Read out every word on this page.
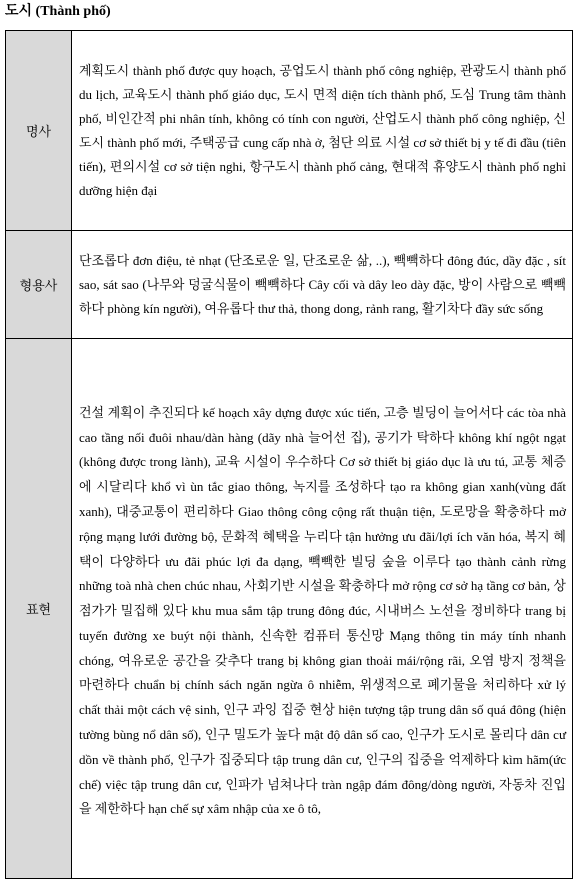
도시 (Thành phố)
명사	계획도시 thành phố được quy hoạch, 공업도시 thành phố công nghiệp, 관광도시 thành phố du lịch, 교육도시 thành phố giáo dục, 도시 면적 diện tích thành phố, 도심 Trung tâm thành phố, 비인간적 phi nhân tính, không có tính con người, 산업도시 thành phố công nghiệp, 신도시 thành phố mới, 주택공급 cung cấp nhà ở, 첨단 의료 시설 cơ sở thiết bị y tế đi đầu (tiên tiến), 편의시설 cơ sở tiện nghi, 항구도시 thành phố cảng, 현대적 휴양도시 thành phố nghỉ dưỡng hiện đại
형용사	단조롭다 đơn điệu, tẻ nhạt (단조로운 일, 단조로운 삶, ..), 빽빽하다 đông đúc, dầy đặc , sít sao, sát sao (나무와 덩굴식물이 빽빽하다 Cây cối và dây leo dày đặc, 방이 사람으로 빽빽하다 phòng kín người), 여유롭다 thư thả, thong dong, rảnh rang, 활기차다 đầy sức sống
표현	건설 계획이 추진되다 kế hoạch xây dựng được xúc tiến, 고층 빌딩이 늘어서다 các tòa nhà cao tầng nối đuôi nhau/dàn hàng (dãy nhà 늘어선 집), 공기가 탁하다 không khí ngột ngạt (không được trong lành), 교육 시설이 우수하다 Cơ sở thiết bị giáo dục là ưu tú, 교통 체증에 시달리다 khổ vì ùn tắc giao thông, 녹지를 조성하다 tạo ra không gian xanh(vùng đất xanh), 대중교통이 편리하다 Giao thông công cộng rất thuận tiện, 도로망을 확충하다 mở rộng mạng lưới đường bộ, 문화적 혜택을 누리다 tận hưởng ưu đãi/lợi ích văn hóa, 복지 혜택이 다양하다 ưu đãi phúc lợi đa dạng, 빽빽한 빌딩 숲을 이루다 tạo thành cảnh rừng những toà nhà chen chúc nhau, 사회기반 시설을 확충하다 mở rộng cơ sở hạ tầng cơ bản, 상점가가 밀집해 있다 khu mua sắm tập trung đông đúc, 시내버스 노선을 정비하다 trang bị tuyến đường xe buýt nội thành, 신속한 컴퓨터 통신망 Mạng thông tin máy tính nhanh chóng, 여유로운 공간을 갖추다 trang bị không gian thoải mái/rộng rãi, 오염 방지 정책을 마련하다 chuẩn bị chính sách ngăn ngừa ô nhiễm, 위생적으로 폐기물을 처리하다 xử lý chất thải một cách vệ sinh, 인구 과잉 집중 현상 hiện tượng tập trung dân số quá đông (hiện tường bùng nổ dân số), 인구 밀도가 높다 mật độ dân số cao, 인구가 도시로 몰리다 dân cư dồn về thành phố, 인구가 집중되다 tập trung dân cư, 인구의 집중을 억제하다 kìm hãm(ức chế) việc tập trung dân cư, 인파가 넘쳐나다 tràn ngập đám đông/dòng người, 자동차 진입을 제한하다 hạn chế sự xâm nhập của xe ô tô,
